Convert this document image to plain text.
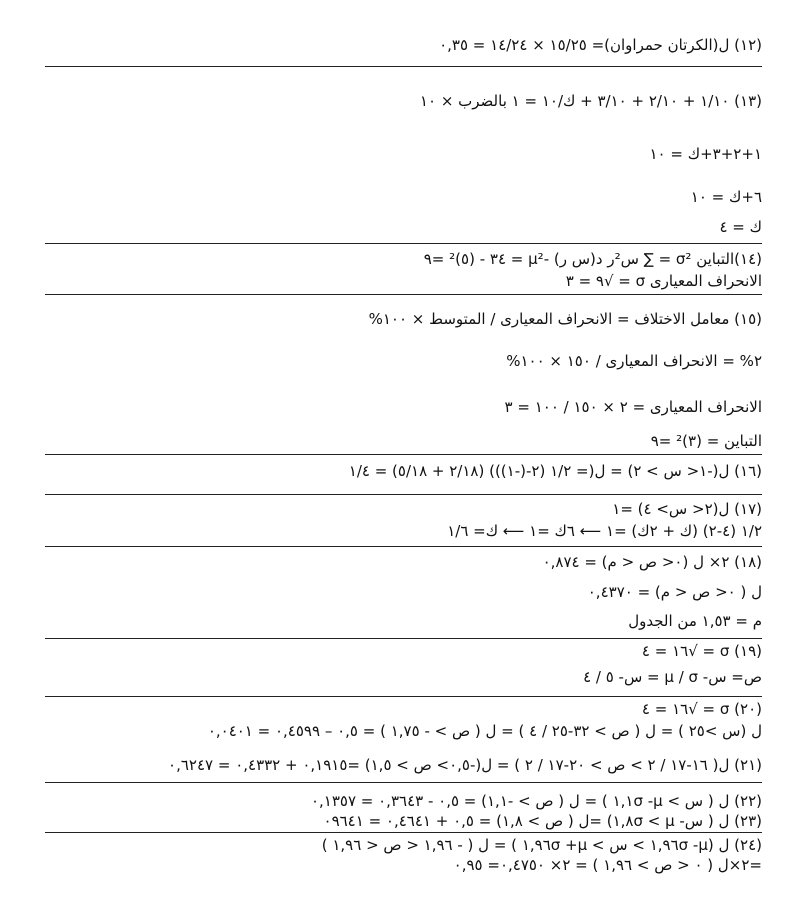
(١٢) ل(الكرتان حمراوان)= ١٥/٢٥ × ١٤/٢٤ = ٠,٣٥
(١٣) ١/١٠ + ٢/١٠ + ٣/١٠ + ك/١٠ = ١ بالضرب × ١٠
١+٢+٣+ك = ١٠
٦+ك = ١٠
ك = ٤
(١٤)التباين σ² = ∑ س²ر د(س ر) -μ² = ٣٤ - (٥)² =٩
الانحراف المعيارى σ = √٩ = ٣
(١٥) معامل الاختلاف = الانحراف المعيارى / المتوسط × ١٠٠%
٢% = الانحراف المعيارى / ١٥٠ × ١٠٠%
الانحراف المعيارى = ٢ × ١٥٠ / ١٠٠ = ٣
التباين = (٣)² =٩
(١٦) ل(-١< س > ٢) = ل(= ١/٢ (٢-(-١))) (٢/١٨ + ٥/١٨) = ١/٤
(١٧) ل(٢< س> ٤) =١
١/٢ (٤-٢) (ك + ٢ك) =١ ⟵ ٦ك =١ ⟵ ك= ١/٦
(١٨) ٢× ل (٠< ص < م) = ٠,٨٧٤
ل ( ٠< ص < م) = ٠,٤٣٧٠
م = ١,٥٣ من الجدول
(١٩) σ = √١٦ = ٤
ص= س- μ / σ = س- ٥ / ٤
(٢٠) σ = √١٦ = ٤
ل (س >٢٥ ) = ل ( ص > ٣٢-٢٥ / ٤ ) = ل ( ص > - ١,٧٥ ) = ٠,٥ – ٠,٤٥٩٩ = ٠,٠٤٠١
(٢١) ل( ١٦-١٧ / ٢ > ص > ٢٠-١٧ / ٢ ) = ل(-٠,٥> ص > ١,٥) =٠,١٩١٥ + ٠,٤٣٣٢ = ٠,٦٢٤٧
(٢٢) ل ( س > μ- ١,١σ ) = ل ( ص > -١,١) = ٠,٥ - ٠,٣٦٤٣ = ٠,١٣٥٧
(٢٣) ل ( س- μ > ١,٨σ) =ل ( ص > ١,٨) = ٠,٥ + ٠,٤٦٤١ = ٠٩٦٤١
(٢٤) ل (μ- ١,٩٦σ > س > μ+ ١,٩٦σ ) = ل ( - ١,٩٦ < ص < ١,٩٦ )
=٢×ل ( ٠ < ص > ١,٩٦ ) = ٢× ٠,٤٧٥٠= ٠,٩٥
